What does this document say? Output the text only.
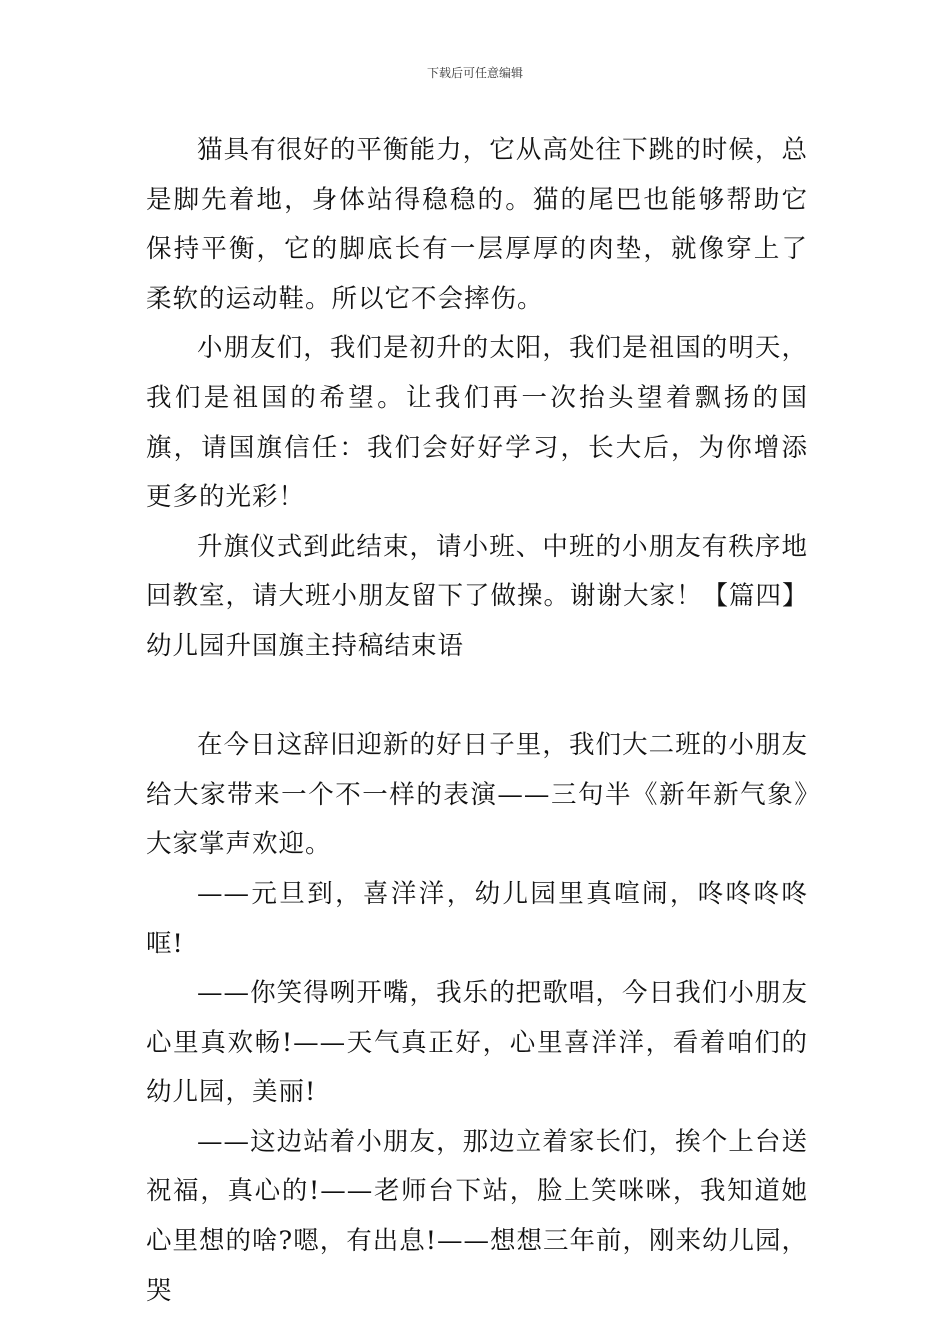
下载后可任意编辑

猫具有很好的平衡能力，它从高处往下跳的时候，总是脚先着地，身体站得稳稳的。猫的尾巴也能够帮助它保持平衡，它的脚底长有一层厚厚的肉垫，就像穿上了柔软的运动鞋。所以它不会摔伤。

小朋友们，我们是初升的太阳，我们是祖国的明天，我们是祖国的希望。让我们再一次抬头望着飘扬的国旗，请国旗信任：我们会好好学习，长大后，为你增添更多的光彩！

升旗仪式到此结束，请小班、中班的小朋友有秩序地回教室，请大班小朋友留下了做操。谢谢大家！【篇四】

幼儿园升国旗主持稿结束语

在今日这辞旧迎新的好日子里，我们大二班的小朋友给大家带来一个不一样的表演——三句半《新年新气象》大家掌声欢迎。

——元旦到，喜洋洋，幼儿园里真喧闹，咚咚咚咚哐!

——你笑得咧开嘴，我乐的把歌唱，今日我们小朋友心里真欢畅!——天气真正好，心里喜洋洋，看着咱们的幼儿园，美丽!

——这边站着小朋友，那边立着家长们，挨个上台送祝福，真心的!——老师台下站，脸上笑咪咪，我知道她心里想的啥?嗯，有出息!——想想三年前，刚来幼儿园，哭
